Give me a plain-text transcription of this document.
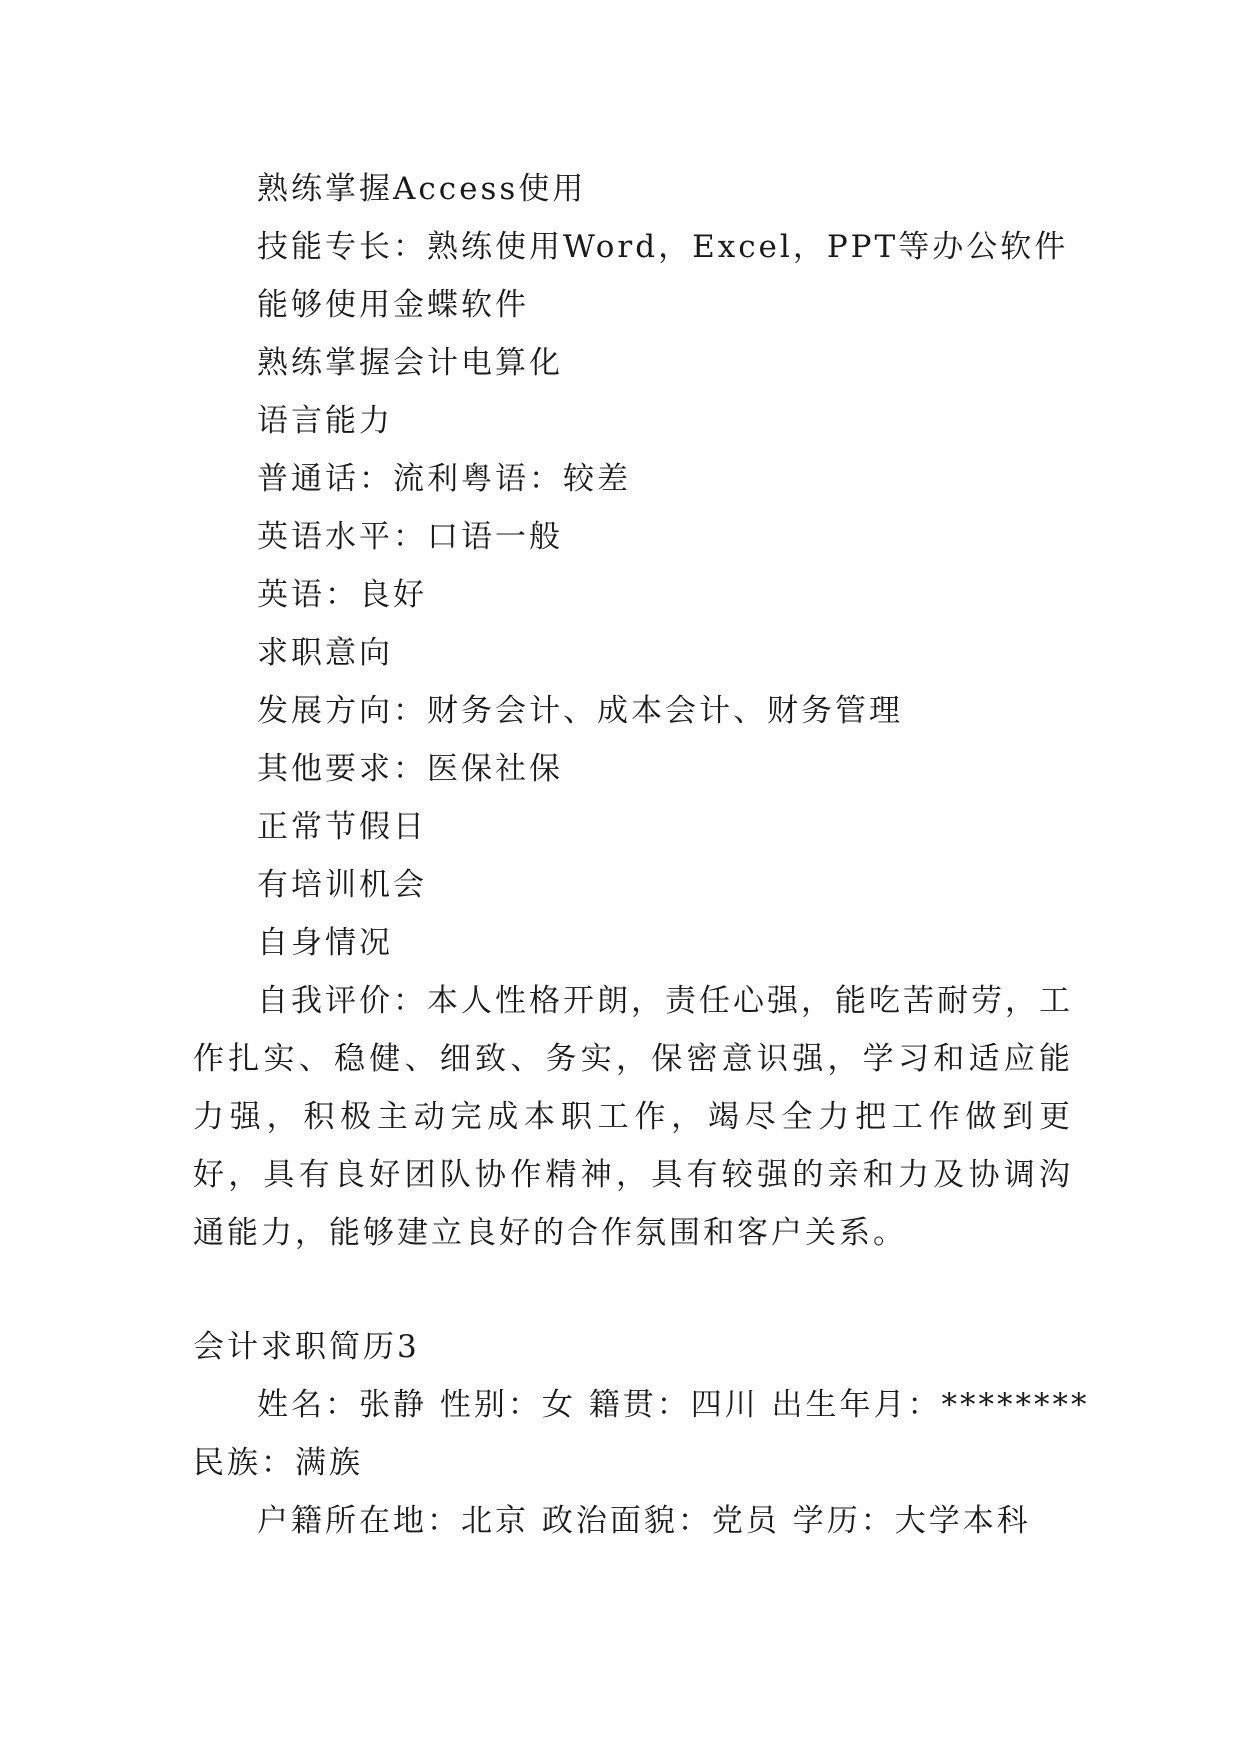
熟练掌握Access使用
技能专长：熟练使用Word，Excel，PPT等办公软件
能够使用金蝶软件
熟练掌握会计电算化
语言能力
普通话：流利粤语：较差
英语水平：口语一般
英语：良好
求职意向
发展方向：财务会计、成本会计、财务管理
其他要求：医保社保
正常节假日
有培训机会
自身情况

自我评价：本人性格开朗，责任心强，能吃苦耐劳，工作扎实、稳健、细致、务实，保密意识强，学习和适应能力强，积极主动完成本职工作，竭尽全力把工作做到更好，具有良好团队协作精神，具有较强的亲和力及协调沟通能力，能够建立良好的合作氛围和客户关系。

会计求职简历3
姓名：张静 性别：女 籍贯：四川 出生年月：********
民族：满族
户籍所在地：北京 政治面貌：党员 学历：大学本科
